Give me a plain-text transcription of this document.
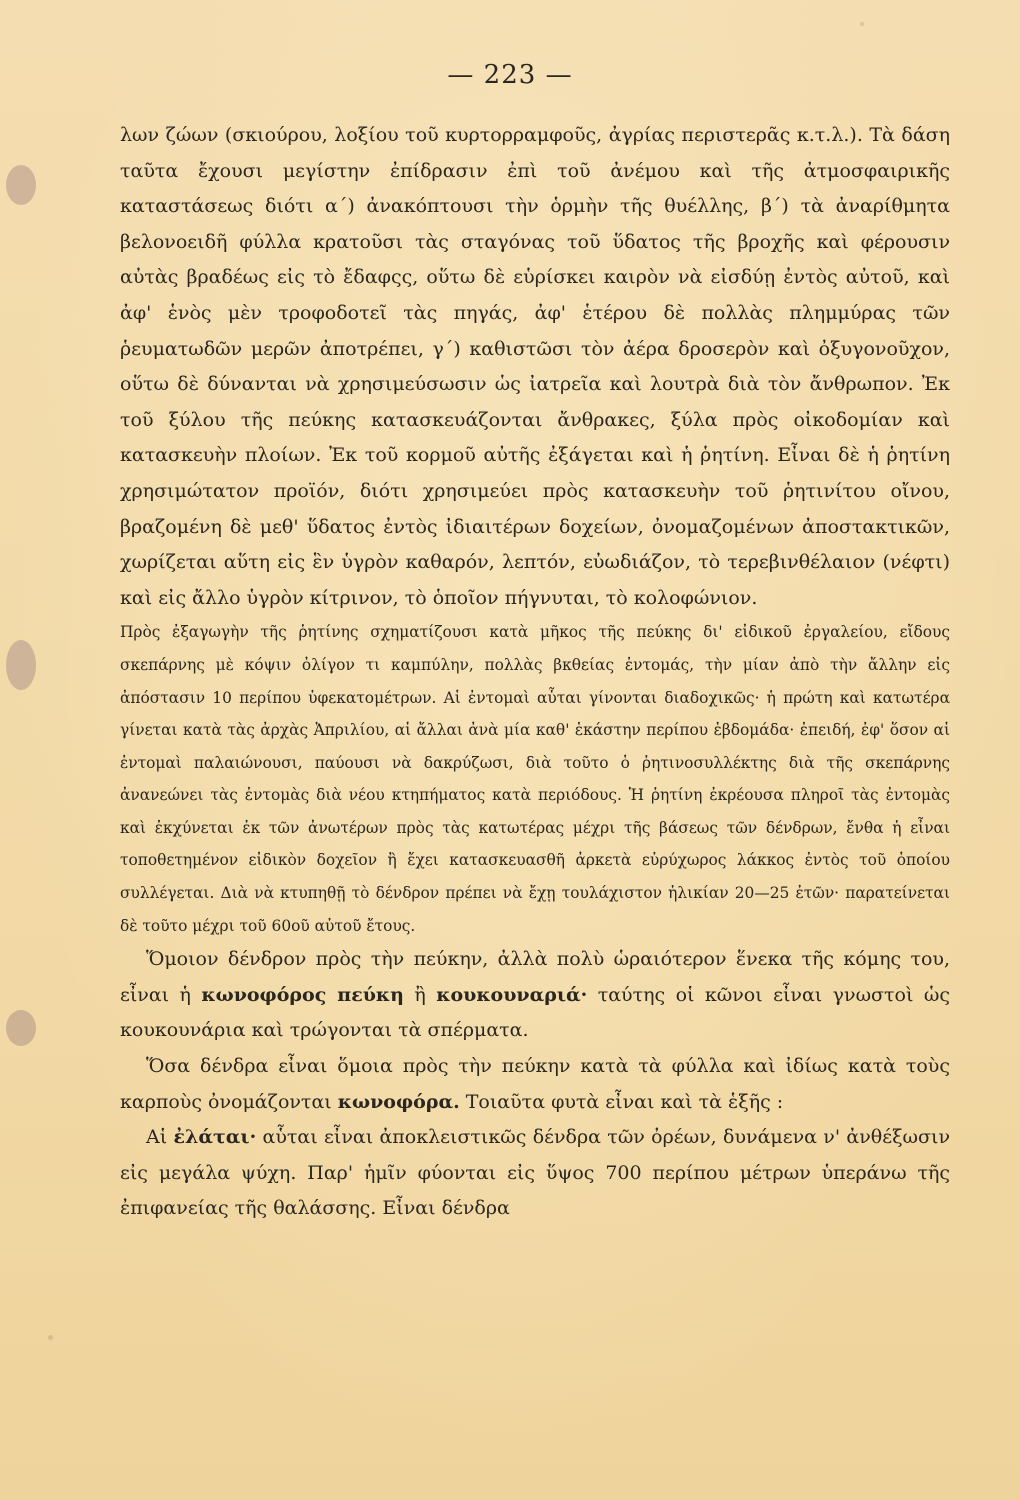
— 223 —

λων ζώων (σκιούρου, λοξίου τοῦ κυρτορραμφοῦς, ἀγρίας περιστερᾶς κ.τ.λ.). Τὰ δάση ταῦτα ἔχουσι μεγίστην ἐπίδρασιν ἐπὶ τοῦ ἀνέμου καὶ τῆς ἀτμοσφαιρικῆς καταστάσεως διότι α΄) ἀνακόπτουσι τὴν ὁρμὴν τῆς θυέλλης, β΄) τὰ ἀναρίθμητα βελονοειδῆ φύλλα κρατοῦσι τὰς σταγόνας τοῦ ὕδατος τῆς βροχῆς καὶ φέρουσιν αὐτὰς βραδέως εἰς τὸ ἔδαφςς, οὕτω δὲ εὑρίσκει καιρὸν νὰ εἰσδύῃ ἐντὸς αὐτοῦ, καὶ ἀφ' ἑνὸς μὲν τροφοδοτεῖ τὰς πηγάς, ἀφ' ἑτέρου δὲ πολλὰς πλημμύρας τῶν ῥευματωδῶν μερῶν ἀποτρέπει, γ΄) καθιστῶσι τὸν ἀέρα δροσερὸν καὶ ὀξυγονοῦχον, οὕτω δὲ δύνανται νὰ χρησιμεύσωσιν ὡς ἰατρεῖα καὶ λουτρὰ διὰ τὸν ἄνθρωπον. Ἐκ τοῦ ξύλου τῆς πεύκης κατασκευάζονται ἄνθρακες, ξύλα πρὸς οἰκοδομίαν καὶ κατασκευὴν πλοίων. Ἐκ τοῦ κορμοῦ αὐτῆς ἐξάγεται καὶ ἡ ῥητίνη. Εἶναι δὲ ἡ ῥητίνη χρησιμώτατον προϊόν, διότι χρησιμεύει πρὸς κατασκευὴν τοῦ ῥητινίτου οἴνου, βραζομένη δὲ μεθ' ὕδατος ἐντὸς ἰδιαιτέρων δοχείων, ὀνομαζομένων ἀποστακτικῶν, χωρίζεται αὕτη εἰς ἓν ὑγρὸν καθαρόν, λεπτόν, εὐωδιάζον, τὸ τερεβινθέλαιον (νέφτι) καὶ εἰς ἄλλο ὑγρὸν κίτρινον, τὸ ὁποῖον πήγνυται, τὸ κολοφώνιον.

Πρὸς ἐξαγωγὴν τῆς ῥητίνης σχηματίζουσι κατὰ μῆκος τῆς πεύκης δι' εἰδικοῦ ἐργαλείου, εἴδους σκεπάρνης μὲ κόψιν ὀλίγον τι καμπύλην, πολλὰς βκθείας ἐντομάς, τὴν μίαν ἀπὸ τὴν ἄλλην εἰς ἀπόστασιν 10 περίπου ὑφεκατομέτρων. Αἱ ἐντομαὶ αὗται γίνονται διαδοχικῶς· ἡ πρώτη καὶ κατωτέρα γίνεται κατὰ τὰς ἀρχὰς Ἀπριλίου, αἱ ἄλλαι ἀνὰ μία καθ' ἑκάστην περίπου ἑβδομάδα· ἐπειδή, ἐφ' ὅσον αἱ ἐντομαὶ παλαιώνουσι, παύουσι νὰ δακρύζωσι, διὰ τοῦτο ὁ ῥητινοσυλλέκτης διὰ τῆς σκεπάρνης ἀνανεώνει τὰς ἐντομὰς διὰ νέου κτηπήματος κατὰ περιόδους. Ἡ ῥητίνη ἐκρέουσα πληροῖ τὰς ἐντομὰς καὶ ἐκχύνεται ἐκ τῶν ἀνωτέρων πρὸς τὰς κατωτέρας μέχρι τῆς βάσεως τῶν δένδρων, ἔνθα ἡ εἶναι τοποθετημένον εἰδικὸν δοχεῖον ἢ ἔχει κατασκευασθῆ ἀρκετὰ εὐρύχωρος λάκκος ἐντὸς τοῦ ὁποίου συλλέγεται. Διὰ νὰ κτυπηθῇ τὸ δένδρον πρέπει νὰ ἔχῃ τουλάχιστον ἡλικίαν 20—25 ἐτῶν· παρατείνεται δὲ τοῦτο μέχρι τοῦ 60οῦ αὐτοῦ ἔτους.

Ὅμοιον δένδρον πρὸς τὴν πεύκην, ἀλλὰ πολὺ ὡραιότερον ἕνεκα τῆς κόμης του, εἶναι ἡ κωνοφόρος πεύκη ἢ κουκουναριά· ταύτης οἱ κῶνοι εἶναι γνωστοὶ ὡς κουκουνάρια καὶ τρώγονται τὰ σπέρματα.

Ὅσα δένδρα εἶναι ὅμοια πρὸς τὴν πεύκην κατὰ τὰ φύλλα καὶ ἰδίως κατὰ τοὺς καρποὺς ὀνομάζονται κωνοφόρα. Τοιαῦτα φυτὰ εἶναι καὶ τὰ ἑξῆς :

Αἱ ἐλάται· αὗται εἶναι ἀποκλειστικῶς δένδρα τῶν ὀρέων, δυνάμενα ν' ἀνθέξωσιν εἰς μεγάλα ψύχη. Παρ' ἡμῖν φύονται εἰς ὕψος 700 περίπου μέτρων ὑπεράνω τῆς ἐπιφανείας τῆς θαλάσσης. Εἶναι δένδρα
